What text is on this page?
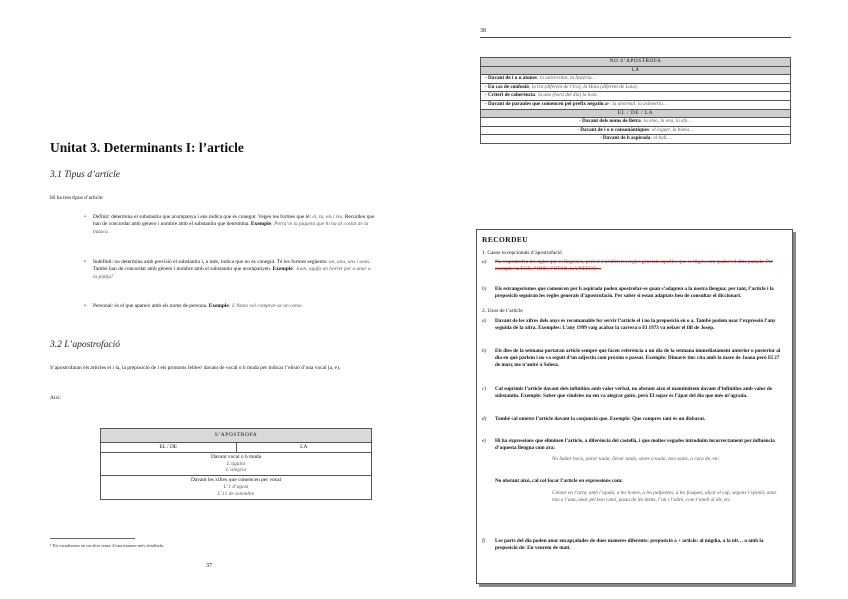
Unitat 3. Determinants I: l’article
3.1 Tipus d’article
Hi ha tres tipus d’article:
• Definit: determina el substantiu que acompanya i ens indica que és conegut. Vegeu les formes que té: el, la, els i les. Recordeu que han de concordar amb gènere i nombre amb el substantiu que determina. Exemple: Porta’m la jaqueta que hi ha al costat de la butaca.
• Indefinit: no determina amb precisió el substantiu i, a més, indica que no és conegut. Té les formes següents: un, una, uns i unes. També han de concordar amb gènere i nombre amb el substantiu que acompanyen. Exemple: Joan, agafa un barret per a anar a la platja!
• Personal: és el que apareix amb els noms de persona. Exemple: L’Anna vol comprar-se un cotxe.
3.2 L’apostrofació
S’apostrofaran els articles el i la, la preposició de i els pronoms febles¹ davant de vocal o h muda per indicar l’elisió d’una vocal (a, e).
Així:
S’APOSTROFA
EL / DE	LA

Davant vocal o h muda
L’àguila
L’alegria

Davant les xifres que comencen per vocal
L’1 d’agost
L’11 de setembre
¹ Els estudiarem en un altre tema d’una manera més detallada.
37
38
NO S’APOSTROFA
LA
- Davant de i o u àtones: la universitat, la història…
- En cas de confusió: la tra (diferent de l’ira), la Haia (diferent de Laia).
- Criteri de coherència: la una (hora del dia) la host.
- Davant de paraules que comencen pel prefix negatiu a-: la anormal, la asimetria…
EL / DE / LA
- Davant dels noms de lletra: la ema, la ena, la efa…
- Davant de i o u consonàntiques: el iogurt, la hiena…
- Davant de h aspirada: el hall…
RECORDEU
1. Casos excepcionals d’apostrofació
a) No s’apostrofen les sigles que es llegeixen, però sí s’acullen les regles generals aquelles que es lligen com qualsevol altra paraula. Per exemple: la EGB, l’ONU, l’OTAN, la UNESCO…
b) Els estrangerismes que comencen per h aspirada poden apostrofar-se quan s’adapten a la nostra llengua; per tant, l’article i la preposició seguiran les regles generals d’apostrofació. Per saber si estan adaptats heu de consultar el diccionari.
2. Usos de l’article
a) Davant de les xifres dels anys és recomanable fer servir l’article el i no la preposició en o a. També podem usar l’expressió l’any seguida de la xifra. Exemples: L’any 1999 vaig acabar la carrera o El 1973 va néixer el fill de Josep.
b) Els dies de la setmana portaran article sempre que facen referència a un dia de la setmana immediatament anterior o posterior al dia en què parlem i no va seguit d’un adjectiu com pròxim o passat. Exemple: Dimarts tinc cita amb la mare de Joana però El 27 de març me n’aniré a Sulesa.
c) Cal suprimir l’article davant dels infinitius amb valor verbal, no obstant això el mantindrem davant d’infinitius amb valor de substantiu. Exemple: Saber que vindries no em va alegrar gaire, però El sopar és l’àpat del dia que més m’agrada.
d) També cal ometre l’article davant la conjunció que. Exemple: Que compres tant és un disbarat.
e) Hi ha expressions que eliminen l’article, a diferència del castellà, i que moltes vegades introduïm incorrectament per influència d’aquesta llengua com ara:
No hadar boca, parar taula, llevar taula, seure a taula, tots sants, a cura de, etc.
No obstant això, cal col·locar l’article en expressions com:
Contar en l’acta, amb l’ajuda, a les bones, a les palpentes, a les fosques, alçar el cap, segons l’opinió, anar tots a l’una, anar pel bon camí, pasta de les dents, l’un i l’altre, com l’anell al dit, etc.
f) Les parts del dia poden anar encapçalades de dues maneres diferents: preposició a + article: al migdia, a la nit… o amb la preposició de: En veurem de matí.
